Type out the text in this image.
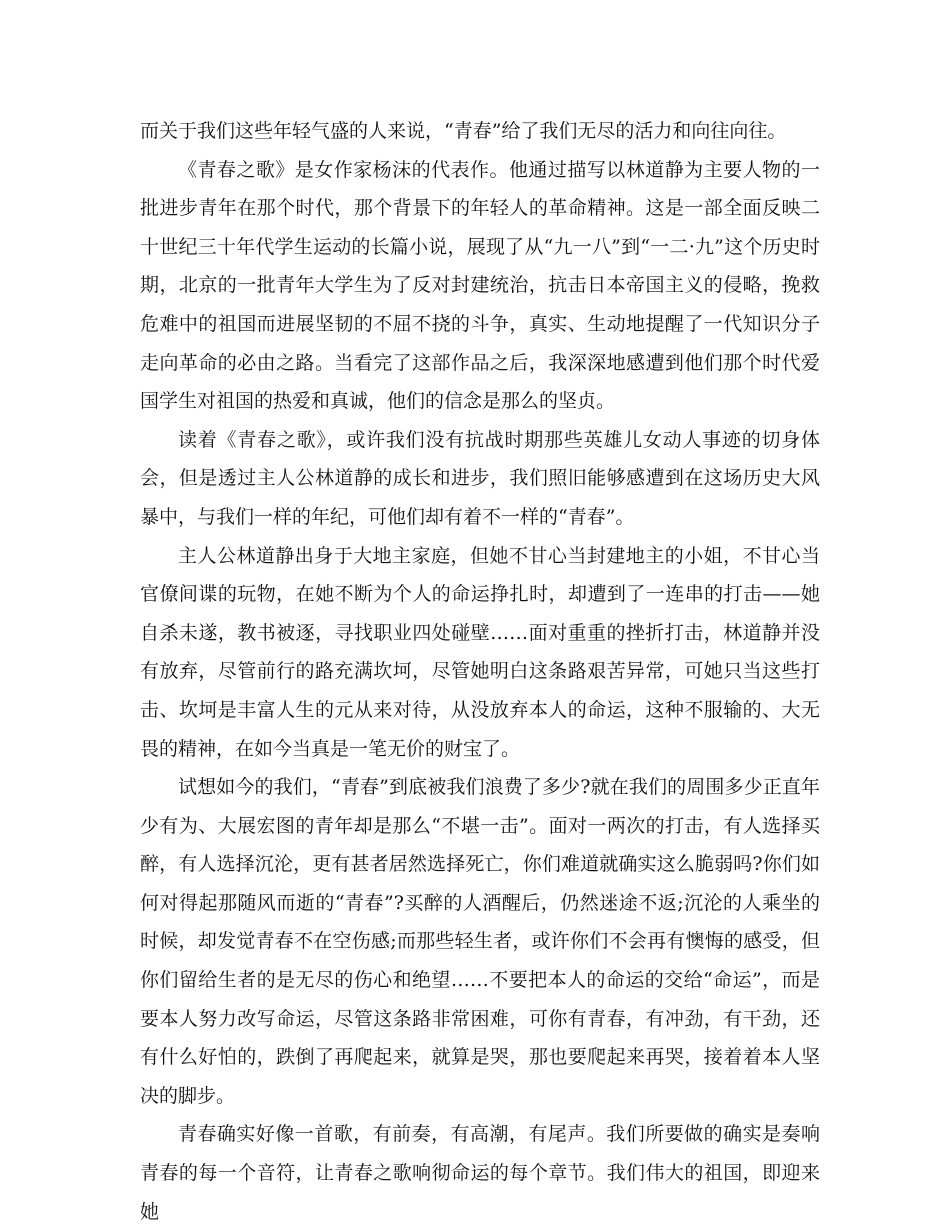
而关于我们这些年轻气盛的人来说，“青春”给了我们无尽的活力和向往向往。

《青春之歌》是女作家杨沫的代表作。他通过描写以林道静为主要人物的一批进步青年在那个时代，那个背景下的年轻人的革命精神。这是一部全面反映二十世纪三十年代学生运动的长篇小说，展现了从“九一八”到“一二·九”这个历史时期，北京的一批青年大学生为了反对封建统治，抗击日本帝国主义的侵略，挽救危难中的祖国而进展坚韧的不屈不挠的斗争，真实、生动地提醒了一代知识分子走向革命的必由之路。当看完了这部作品之后，我深深地感遭到他们那个时代爱国学生对祖国的热爱和真诚，他们的信念是那么的坚贞。

读着《青春之歌》，或许我们没有抗战时期那些英雄儿女动人事迹的切身体会，但是透过主人公林道静的成长和进步，我们照旧能够感遭到在这场历史大风暴中，与我们一样的年纪，可他们却有着不一样的“青春”。

主人公林道静出身于大地主家庭，但她不甘心当封建地主的小姐，不甘心当官僚间谍的玩物，在她不断为个人的命运挣扎时，却遭到了一连串的打击——她自杀未遂，教书被逐，寻找职业四处碰壁……面对重重的挫折打击，林道静并没有放弃，尽管前行的路充满坎坷，尽管她明白这条路艰苦异常，可她只当这些打击、坎坷是丰富人生的元从来对待，从没放弃本人的命运，这种不服输的、大无畏的精神，在如今当真是一笔无价的财宝了。

试想如今的我们，“青春”到底被我们浪费了多少?就在我们的周围多少正直年少有为、大展宏图的青年却是那么“不堪一击”。面对一两次的打击，有人选择买醉，有人选择沉沦，更有甚者居然选择死亡，你们难道就确实这么脆弱吗?你们如何对得起那随风而逝的“青春”?买醉的人酒醒后，仍然迷途不返;沉沦的人乘坐的时候，却发觉青春不在空伤感;而那些轻生者，或许你们不会再有懊悔的感受，但你们留给生者的是无尽的伤心和绝望……不要把本人的命运的交给“命运”，而是要本人努力改写命运，尽管这条路非常困难，可你有青春，有冲劲，有干劲，还有什么好怕的，跌倒了再爬起来，就算是哭，那也要爬起来再哭，接着着本人坚决的脚步。

青春确实好像一首歌，有前奏，有高潮，有尾声。我们所要做的确实是奏响青春的每一个音符，让青春之歌响彻命运的每个章节。我们伟大的祖国，即迎来她
